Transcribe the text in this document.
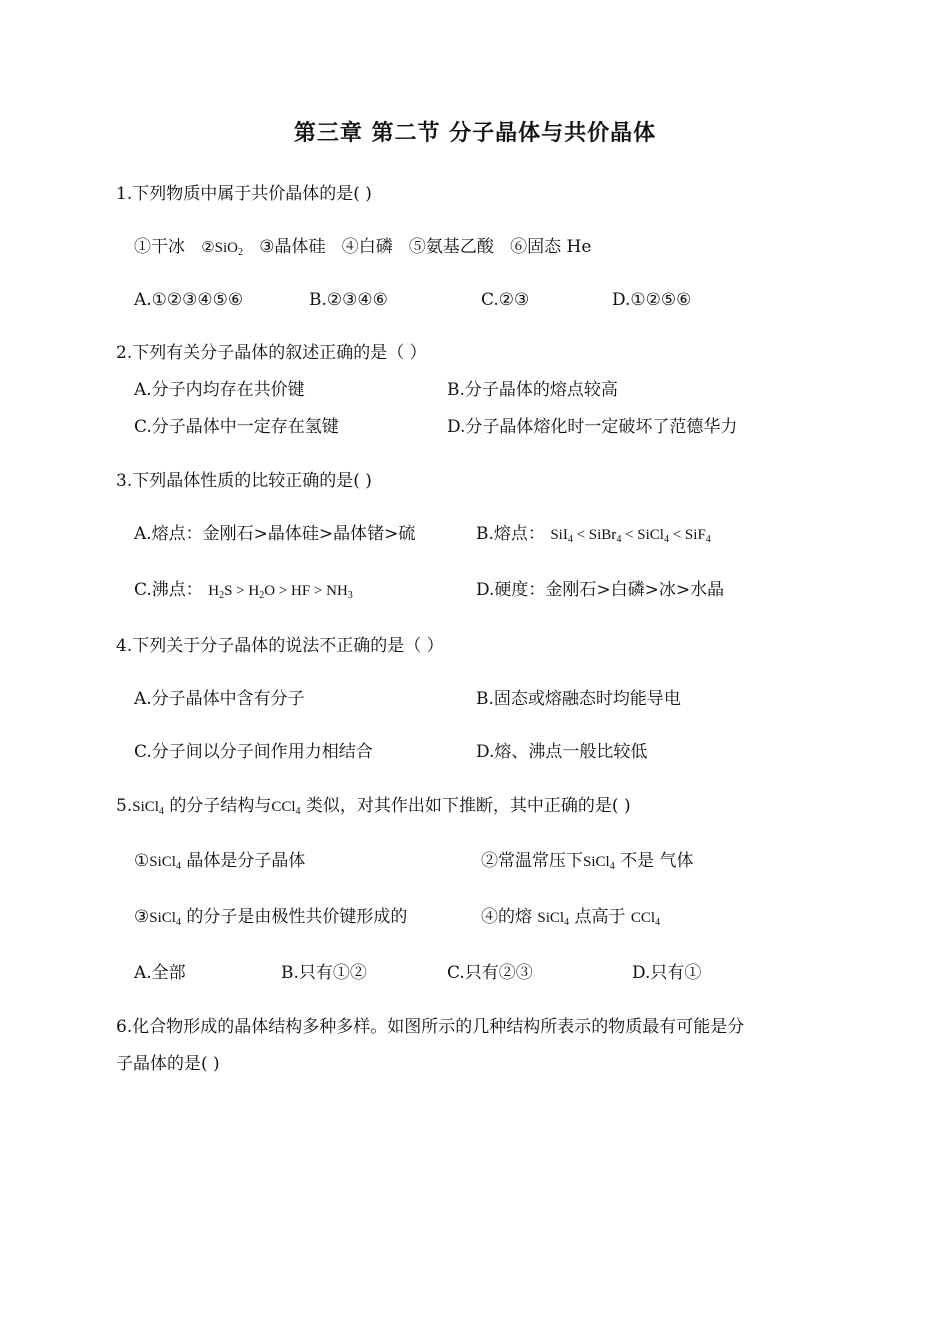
第三章 第二节 分子晶体与共价晶体
1.下列物质中属于共价晶体的是( )
①干冰 ②SiO$_2$ ③晶体硅 ④白磷 ⑤氨基乙酸 ⑥固态 He
A.①②③④⑤⑥	B.②③④⑥	C.②③	D.①②⑤⑥
2.下列有关分子晶体的叙述正确的是（ ）
A.分子内均存在共价键	B.分子晶体的熔点较高
C.分子晶体中一定存在氢键	D.分子晶体熔化时一定破坏了范德华力
3.下列晶体性质的比较正确的是( )
A.熔点：金刚石>晶体硅>晶体锗>硫	B.熔点： SiI$_4$ < SiBr$_4$ < SiCl$_4$ < SiF$_4$
C.沸点： $H_2S > H_2O$ > HF > $NH_3$	D.硬度：金刚石>白磷>冰>水晶
4.下列关于分子晶体的说法不正确的是（ ）
A.分子晶体中含有分子	B.固态或熔融态时均能导电
C.分子间以分子间作用力相结合	D.熔、沸点一般比较低
5.SiCl$_4$ 的分子结构与CCl$_4$ 类似，对其作出如下推断，其中正确的是( )
①SiCl$_4$ 晶体是分子晶体	②常温常压下SiCl$_4$ 不是 气体
③SiCl$_4$ 的分子是由极性共价键形成的	④的熔 SiCl$_4$ 点高于 CCl$_4$
A.全部	B.只有①②	C.只有②③	D.只有①
6.化合物形成的晶体结构多种多样。如图所示的几种结构所表示的物质最有可能是分
子晶体的是( )
